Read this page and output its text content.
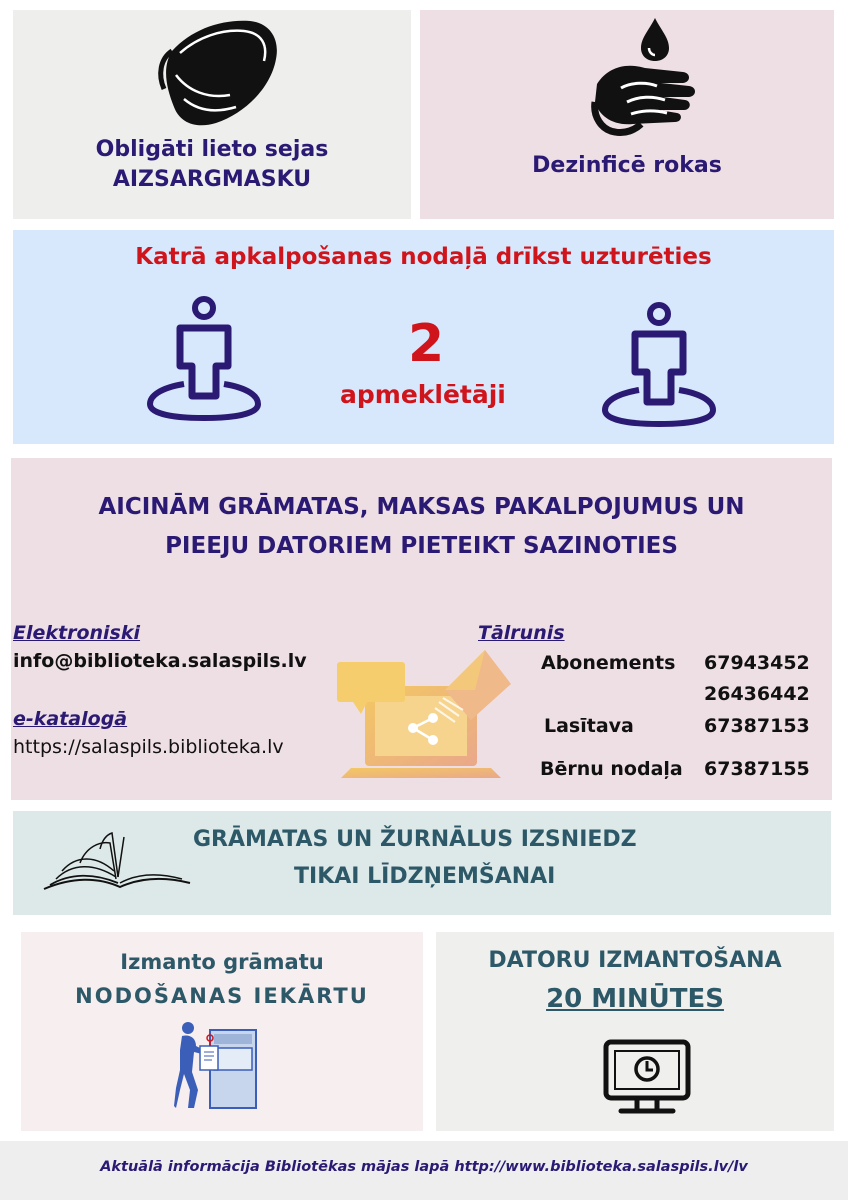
Obligāti lieto sejas

AIZSARGMASKU

Dezinficē rokas

Katrā apkalpošanas nodaļā drīkst uzturēties

2

apmeklētāji

AICINĀM GRĀMATAS, MAKSAS PAKALPOJUMUS UN

PIEEJU DATORIEM PIETEIKT SAZINOTIES

Elektroniski

info@biblioteka.salaspils.lv

e-katalogā

https://salaspils.biblioteka.lv

Tālrunis

Abonements 67943452

26436442

Lasītava	67387153

Bērnu nodaļa 67387155

GRĀMATAS UN ŽURNĀLUS IZSNIEDZ

TIKAI LĪDZŅEMŠANAI

Izmanto grāmatu

NODOŠANAS IEKĀRTU

DATORU IZMANTOŠANA

20 MINŪTES

Aktuālā informācija Bibliotēkas mājas lapā http://www.biblioteka.salaspils.lv/lv
